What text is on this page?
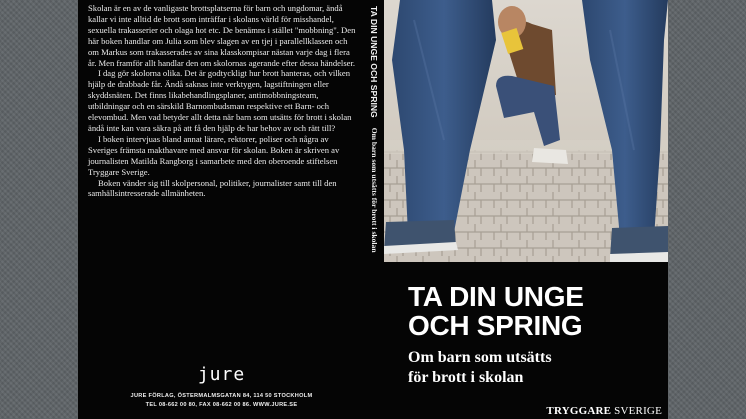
Skolan är en av de vanligaste brottsplatserna för barn och ungdomar, ändå kallar vi inte alltid de brott som inträffar i skolans värld för misshandel, sexuella trakasserier och olaga hot etc. De benämns i stället "mobbning". Den här boken handlar om Julia som blev slagen av en tjej i parallellklassen och om Markus som trakasserades av sina klasskompisar nästan varje dag i flera år. Men framför allt handlar den om skolornas agerande efter dessa händelser.

I dag gör skolorna olika. Det är godtyckligt hur brott hanteras, och vilken hjälp de drabbade får. Ändå saknas inte verktygen, lagstiftningen eller skyddsnäten. Det finns likabehandlingsplaner, antimobbningsteam, utbildningar och en särskild Barnombudsman respektive ett Barn- och elevombud. Men vad betyder allt detta när barn som utsätts för brott i skolan ändå inte kan vara säkra på att få den hjälp de har behov av och rätt till?

I boken intervjuas bland annat lärare, rektorer, poliser och några av Sveriges främsta makthavare med ansvar för skolan. Boken är skriven av journalisten Matilda Rangborg i samarbete med den oberoende stiftelsen Tryggare Sverige.

Boken vänder sig till skolpersonal, politiker, journalister samt till den samhällsintresserade allmänheten.

jure
JURE FÖRLAG, ÖSTERMALMSGATAN 84, 114 50 STOCKHOLM
TEL 08-662 00 80, FAX 08-662 00 86. WWW.JURE.SE
TA DIN UNGE OCH SPRING
Om barn som utsätts för brott i skolan
TA DIN UNGE
OCH SPRING
Om barn som utsätts
för brott i skolan
TRYGGARE SVERIGE
